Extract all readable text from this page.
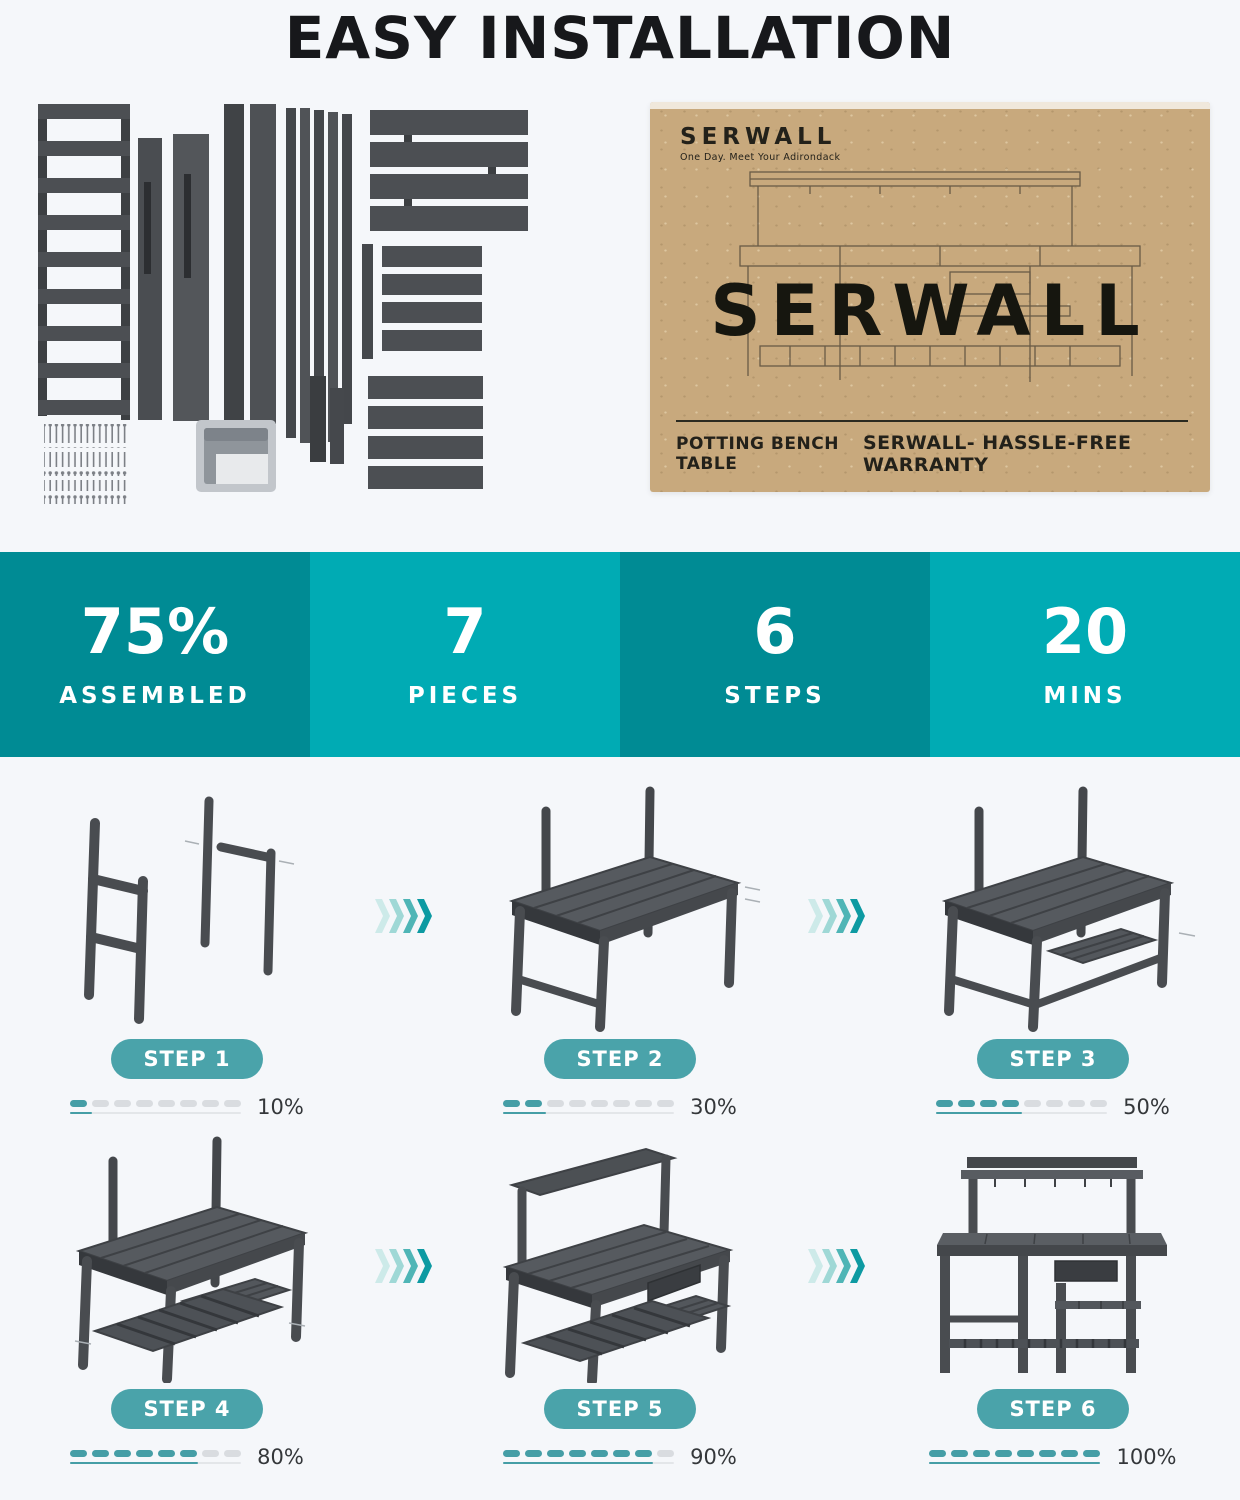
EASY INSTALLATION
SERWALL
One Day. Meet Your Adirondack
SERWALL
POTTING BENCH TABLE
SERWALL- HASSLE-FREE WARRANTY
75%
ASSEMBLED
7
PIECES
6
STEPS
20
MINS
STEP 1
10%
STEP 2
30%
STEP 3
50%
STEP 4
80%
STEP 5
90%
STEP 6
100%
